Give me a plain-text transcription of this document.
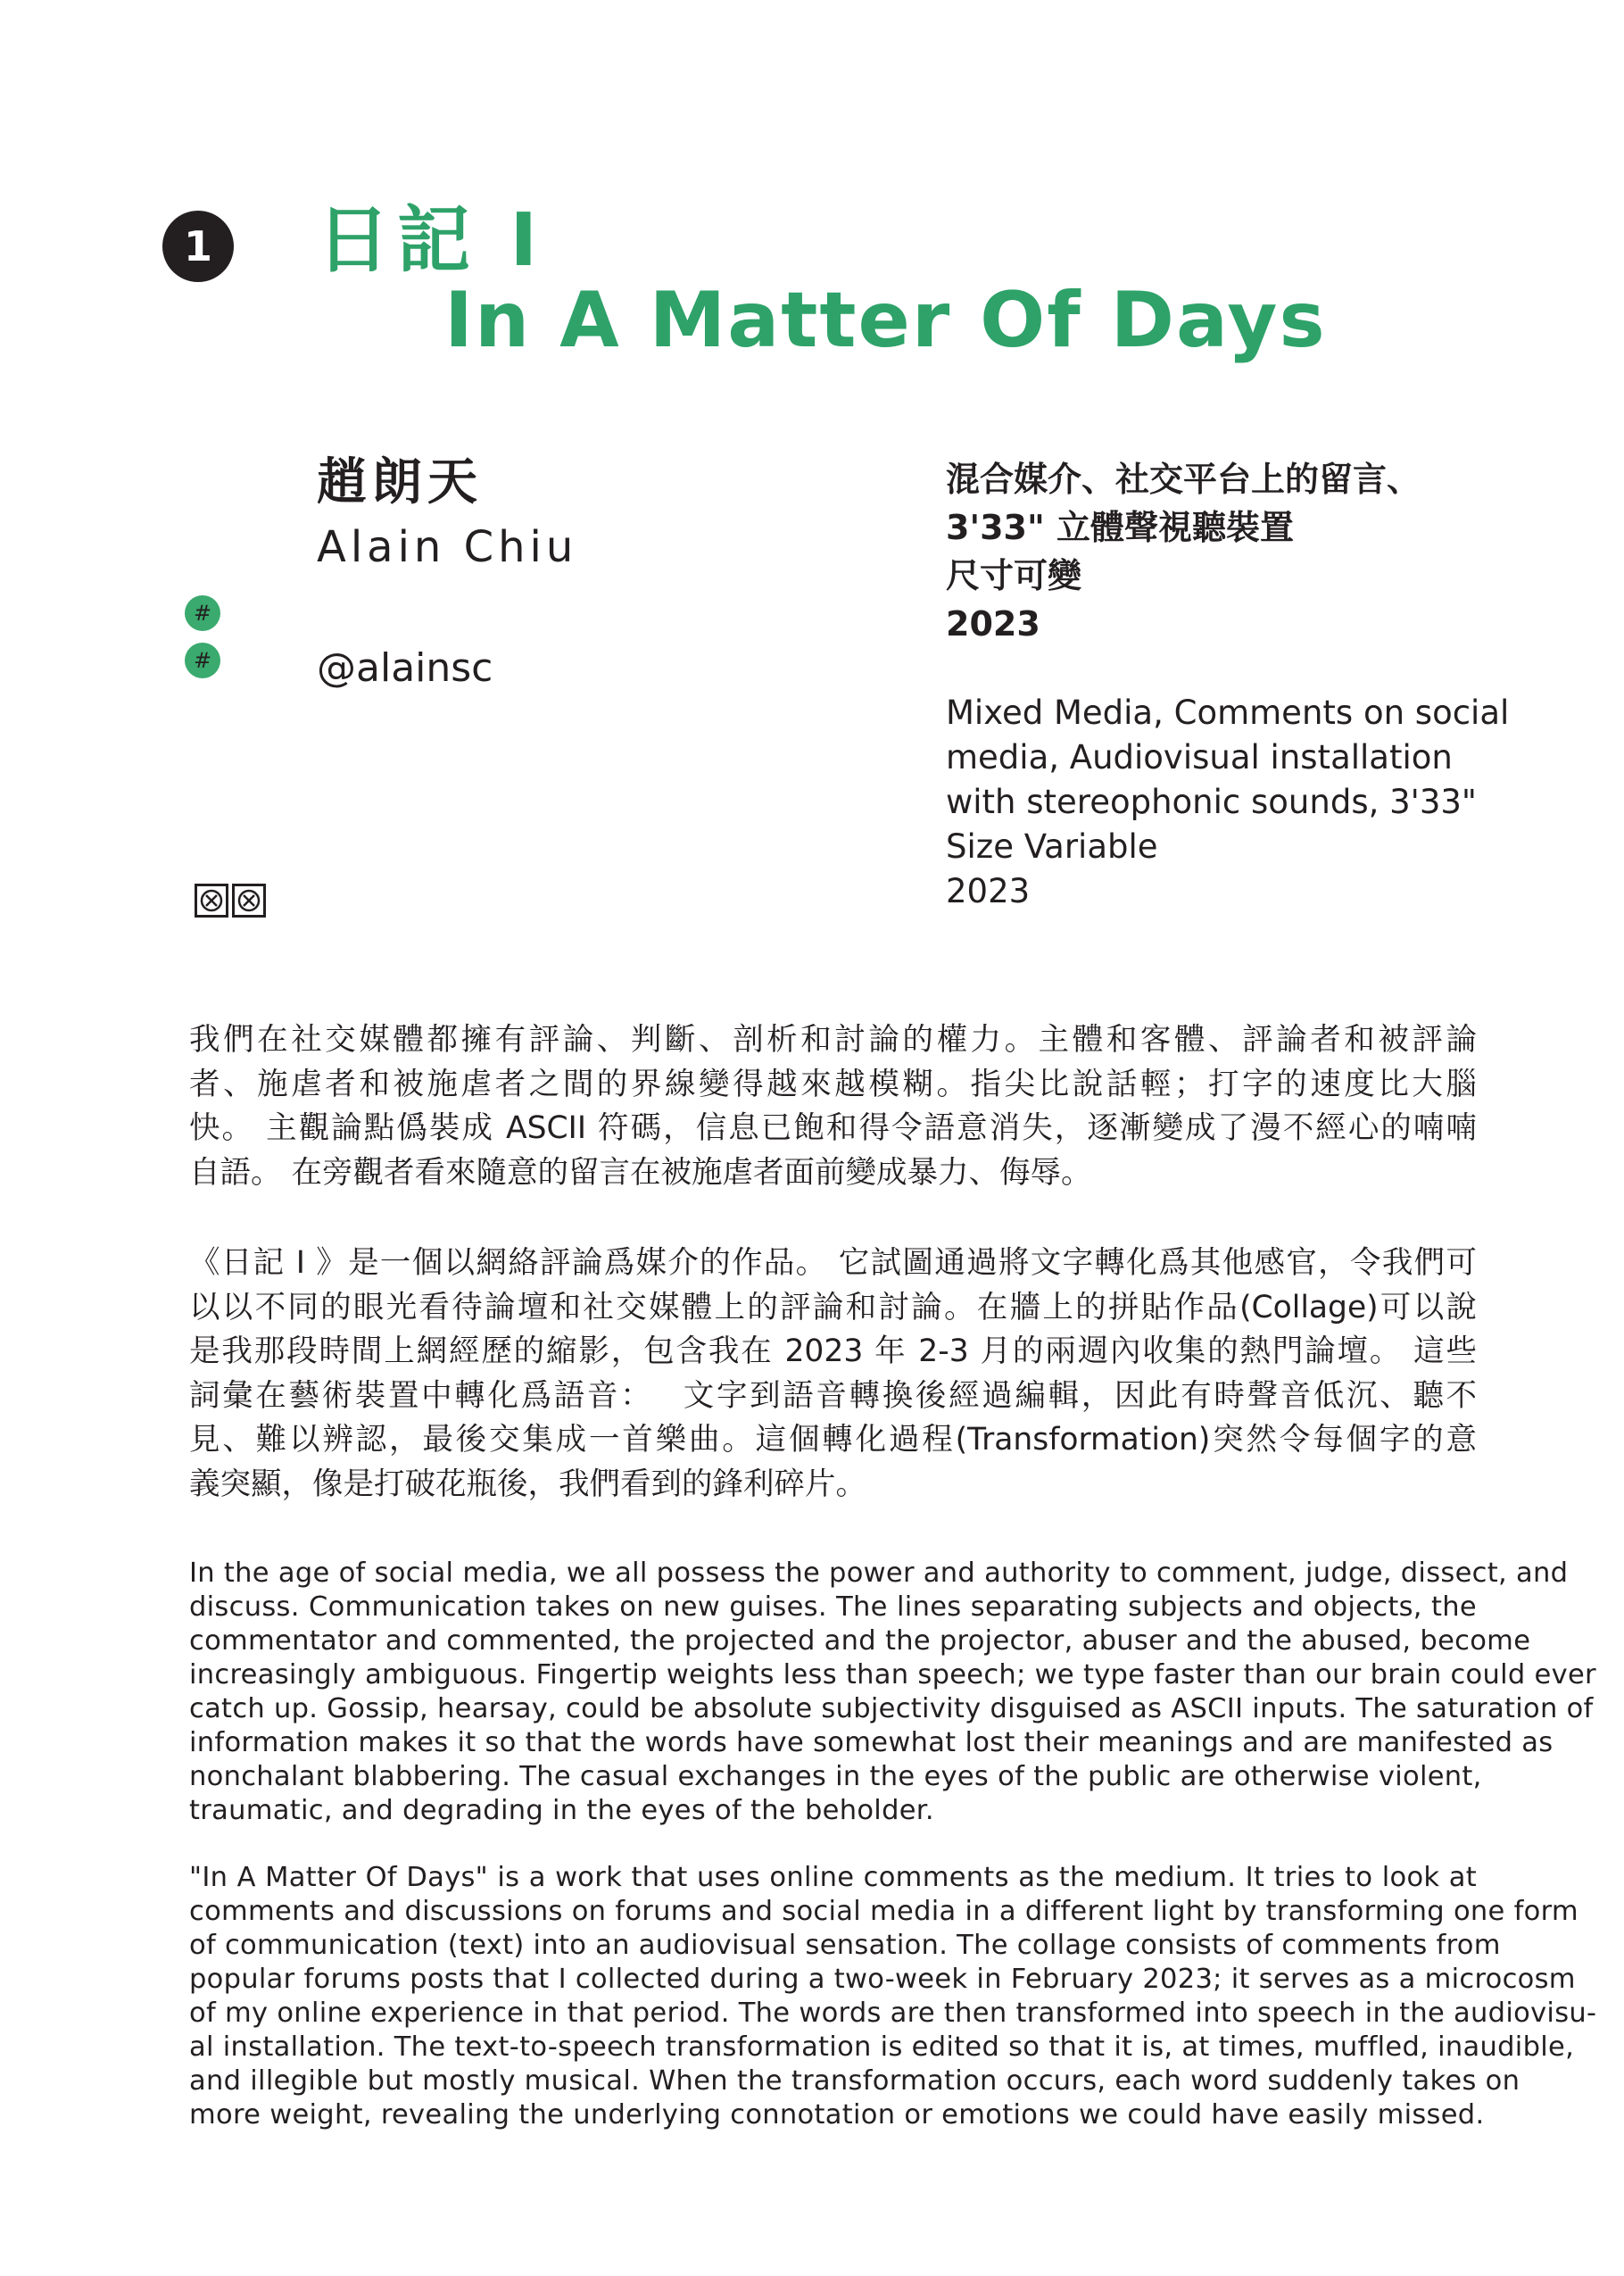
1 日記 I
In A Matter Of Days
趙朗天
Alain Chiu
#
#	@alainsc
混合媒介、社交平台上的留言、
3'33" 立體聲視聽裝置
尺寸可變
2023
Mixed Media, Comments on social
media, Audiovisual installation
with stereophonic sounds, 3'33"
Size Variable
2023
我們在社交媒體都擁有評論、判斷、剖析和討論的權力。主體和客體、評論者和被評論
者、施虐者和被施虐者之間的界線變得越來越模糊。指尖比說話輕；打字的速度比大腦
快。 主觀論點僞裝成 ASCII 符碼，信息已飽和得令語意消失，逐漸變成了漫不經心的喃喃
自語。 在旁觀者看來隨意的留言在被施虐者面前變成暴力、侮辱。
《日記 I 》是一個以網絡評論爲媒介的作品。 它試圖通過將文字轉化爲其他感官，令我們可
以以不同的眼光看待論壇和社交媒體上的評論和討論。在牆上的拼貼作品(Collage)可以說
是我那段時間上網經歷的縮影，包含我在 2023 年 2-3 月的兩週內收集的熱門論壇。 這些
詞彙在藝術裝置中轉化爲語音：　 文字到語音轉換後經過編輯，因此有時聲音低沉、聽不
見、難以辨認，最後交集成一首樂曲。這個轉化過程(Transformation)突然令每個字的意
義突顯，像是打破花瓶後，我們看到的鋒利碎片。
In the age of social media, we all possess the power and authority to comment, judge, dissect, and
discuss. Communication takes on new guises. The lines separating subjects and objects, the
commentator and commented, the projected and the projector, abuser and the abused, become
increasingly ambiguous. Fingertip weights less than speech; we type faster than our brain could ever
catch up. Gossip, hearsay, could be absolute subjectivity disguised as ASCII inputs. The saturation of
information makes it so that the words have somewhat lost their meanings and are manifested as
nonchalant blabbering. The casual exchanges in the eyes of the public are otherwise violent,
traumatic, and degrading in the eyes of the beholder.
"In A Matter Of Days" is a work that uses online comments as the medium. It tries to look at
comments and discussions on forums and social media in a different light by transforming one form
of communication (text) into an audiovisual sensation. The collage consists of comments from
popular forums posts that I collected during a two-week in February 2023; it serves as a microcosm
of my online experience in that period. The words are then transformed into speech in the audiovisu-
al installation. The text-to-speech transformation is edited so that it is, at times, muffled, inaudible,
and illegible but mostly musical. When the transformation occurs, each word suddenly takes on
more weight, revealing the underlying connotation or emotions we could have easily missed.
